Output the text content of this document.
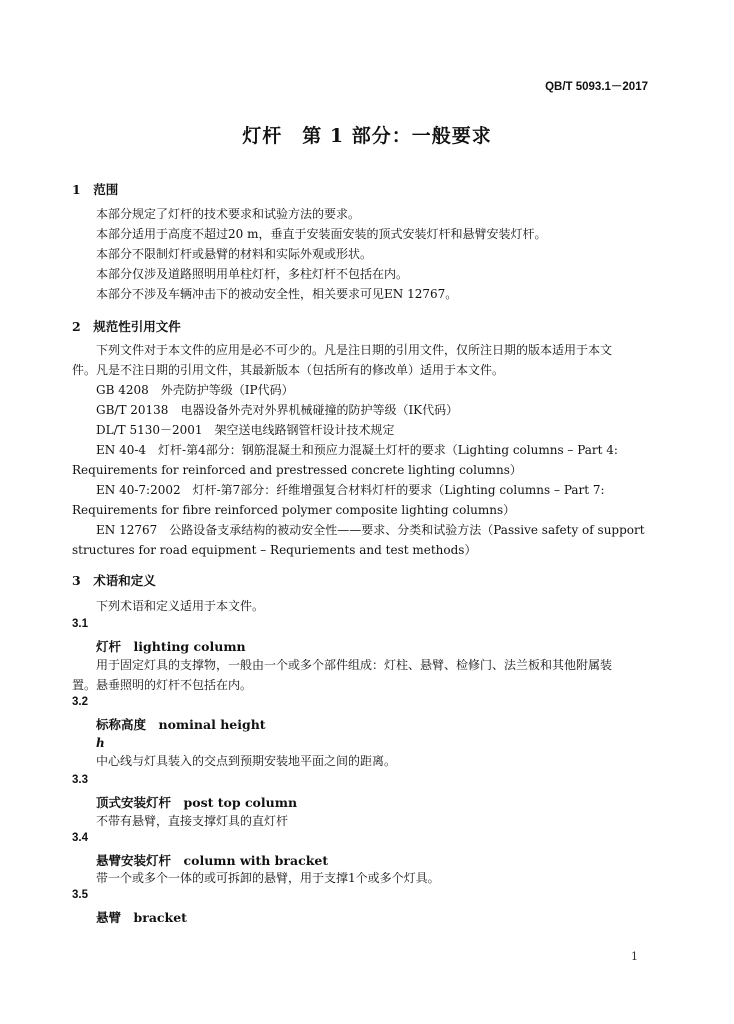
QB/T 5093.1－2017
灯杆　第 1 部分：一般要求
1　范围
本部分规定了灯杆的技术要求和试验方法的要求。
本部分适用于高度不超过20 m，垂直于安装面安装的顶式安装灯杆和悬臂安装灯杆。
本部分不限制灯杆或悬臂的材料和实际外观或形状。
本部分仅涉及道路照明用单柱灯杆，多柱灯杆不包括在内。
本部分不涉及车辆冲击下的被动安全性，相关要求可见EN 12767。
2　规范性引用文件
下列文件对于本文件的应用是必不可少的。凡是注日期的引用文件，仅所注日期的版本适用于本文
件。凡是不注日期的引用文件，其最新版本（包括所有的修改单）适用于本文件。
GB 4208　外壳防护等级（IP代码）
GB/T 20138　电器设备外壳对外界机械碰撞的防护等级（IK代码）
DL/T 5130－2001　架空送电线路钢管杆设计技术规定
EN 40-4　灯杆-第4部分：钢筋混凝土和预应力混凝土灯杆的要求（Lighting columns – Part 4:
Requirements for reinforced and prestressed concrete lighting columns）
EN 40-7:2002　灯杆-第7部分：纤维增强复合材料灯杆的要求（Lighting columns – Part 7:
Requirements for fibre reinforced polymer composite lighting columns）
EN 12767　公路设备支承结构的被动安全性——要求、分类和试验方法（Passive safety of support
structures for road equipment – Requriements and test methods）
3　术语和定义
下列术语和定义适用于本文件。
3.1
灯杆　lighting column
用于固定灯具的支撑物，一般由一个或多个部件组成：灯柱、悬臂、检修门、法兰板和其他附属装
置。悬垂照明的灯杆不包括在内。
3.2
标称高度　nominal height
h
中心线与灯具装入的交点到预期安装地平面之间的距离。
3.3
顶式安装灯杆　post top column
不带有悬臂，直接支撑灯具的直灯杆
3.4
悬臂安装灯杆　column with bracket
带一个或多个一体的或可拆卸的悬臂，用于支撑1个或多个灯具。
3.5
悬臂　bracket
1
